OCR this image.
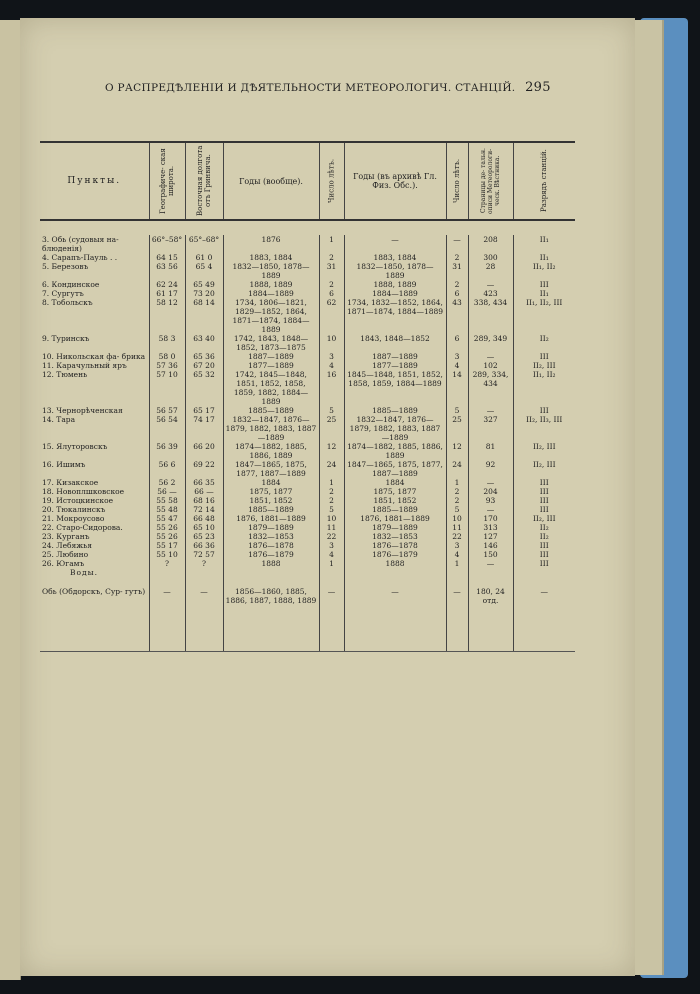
О РАСПРЕДѢЛЕНІИ И ДѢЯТЕЛЬНОСТИ МЕТЕОРОЛОГИЧ. СТАНЦІЙ. 295
Пункты.	Географиче- ская широта.	Восточная долгота отъ Гринвича.	Годы (вообще).	Число лѣтъ.	Годы (въ архивѣ Гл. Физ. Обс.).	Число лѣтъ.	Страницы де- тальн. описи Метеорологи- ческ. Вѣстника.	Разрядъ станцій.

3. Обь (судовыя на- блюденія)	66°–58°	65°–68°	1876	1	—	—	208	II₁
4. Сарапъ-Пауль . .	64 15	61 0	1883, 1884	2	1883, 1884	2	300	II₁
5. Березовъ	63 56	65 4	1832—1850, 1878— 1889	31	1832—1850, 1878— 1889	31	28	II₁, II₂
6. Кондинское	62 24	65 49	1888, 1889	2	1888, 1889	2	—	III
7. Сургутъ	61 17	73 20	1884—1889	6	1884—1889	6	423	II₁
8. Тобольскъ	58 12	68 14	1734, 1806—1821, 1829—1852, 1864, 1871—1874, 1884— 1889	62	1734, 1832—1852, 1864, 1871—1874, 1884—1889	43	338, 434	II₁, II₂, III
9. Туринскъ	58 3	63 40	1742, 1843, 1848— 1852, 1873—1875	10	1843, 1848—1852	6	289, 349	II₂
10. Никольская фа- брика	58 0	65 36	1887—1889	3	1887—1889	3	—	III
11. Карачульный яръ	57 36	67 20	1877—1889	4	1877—1889	4	102	II₂, III
12. Тюмень	57 10	65 32	1742, 1845—1848, 1851, 1852, 1858, 1859, 1882, 1884— 1889	16	1845—1848, 1851, 1852, 1858, 1859, 1884—1889	14	289, 334, 434	II₁, II₂
13. Чернорѣченская	56 57	65 17	1885—1889	5	1885—1889	5	—	III
14. Тара	56 54	74 17	1832—1847, 1876— 1879, 1882, 1883, 1887—1889	25	1832—1847, 1876— 1879, 1882, 1883, 1887—1889	25	327	II₂, II₃, III
15. Ялуторовскъ	56 39	66 20	1874—1882, 1885, 1886, 1889	12	1874—1882, 1885, 1886, 1889	12	81	II₂, III
16. Ишимъ	56 6	69 22	1847—1865, 1875, 1877, 1887—1889	24	1847—1865, 1875, 1877, 1887—1889	24	92	II₂, III
17. Кизакское	56 2	66 35	1884	1	1884	1	—	III
18. Новоплшковское	56 —	66 —	1875, 1877	2	1875, 1877	2	204	III
19. Истоцкинское	55 58	68 16	1851, 1852	2	1851, 1852	2	93	III
20. Тюкалинскъ	55 48	72 14	1885—1889	5	1885—1889	5	—	III
21. Мокроусово	55 47	66 48	1876, 1881—1889	10	1876, 1881—1889	10	170	II₂, III
22. Старо-Сидорова.	55 26	65 10	1879—1889	11	1879—1889	11	313	II₂
23. Курганъ	55 26	65 23	1832—1853	22	1832—1853	22	127	II₂
24. Лебяжья	55 17	66 36	1876—1878	3	1876—1878	3	146	III
25. Любино	55 10	72 57	1876—1879	4	1876—1879	4	150	III
26. Югамъ	?	?	1888	1	1888	1	—	III
Воды.								
Обь (Обдорскъ, Сур- гутъ)	—	—	1856—1860, 1885, 1886, 1887, 1888, 1889	—	—	—	180, 24 отд.	—
